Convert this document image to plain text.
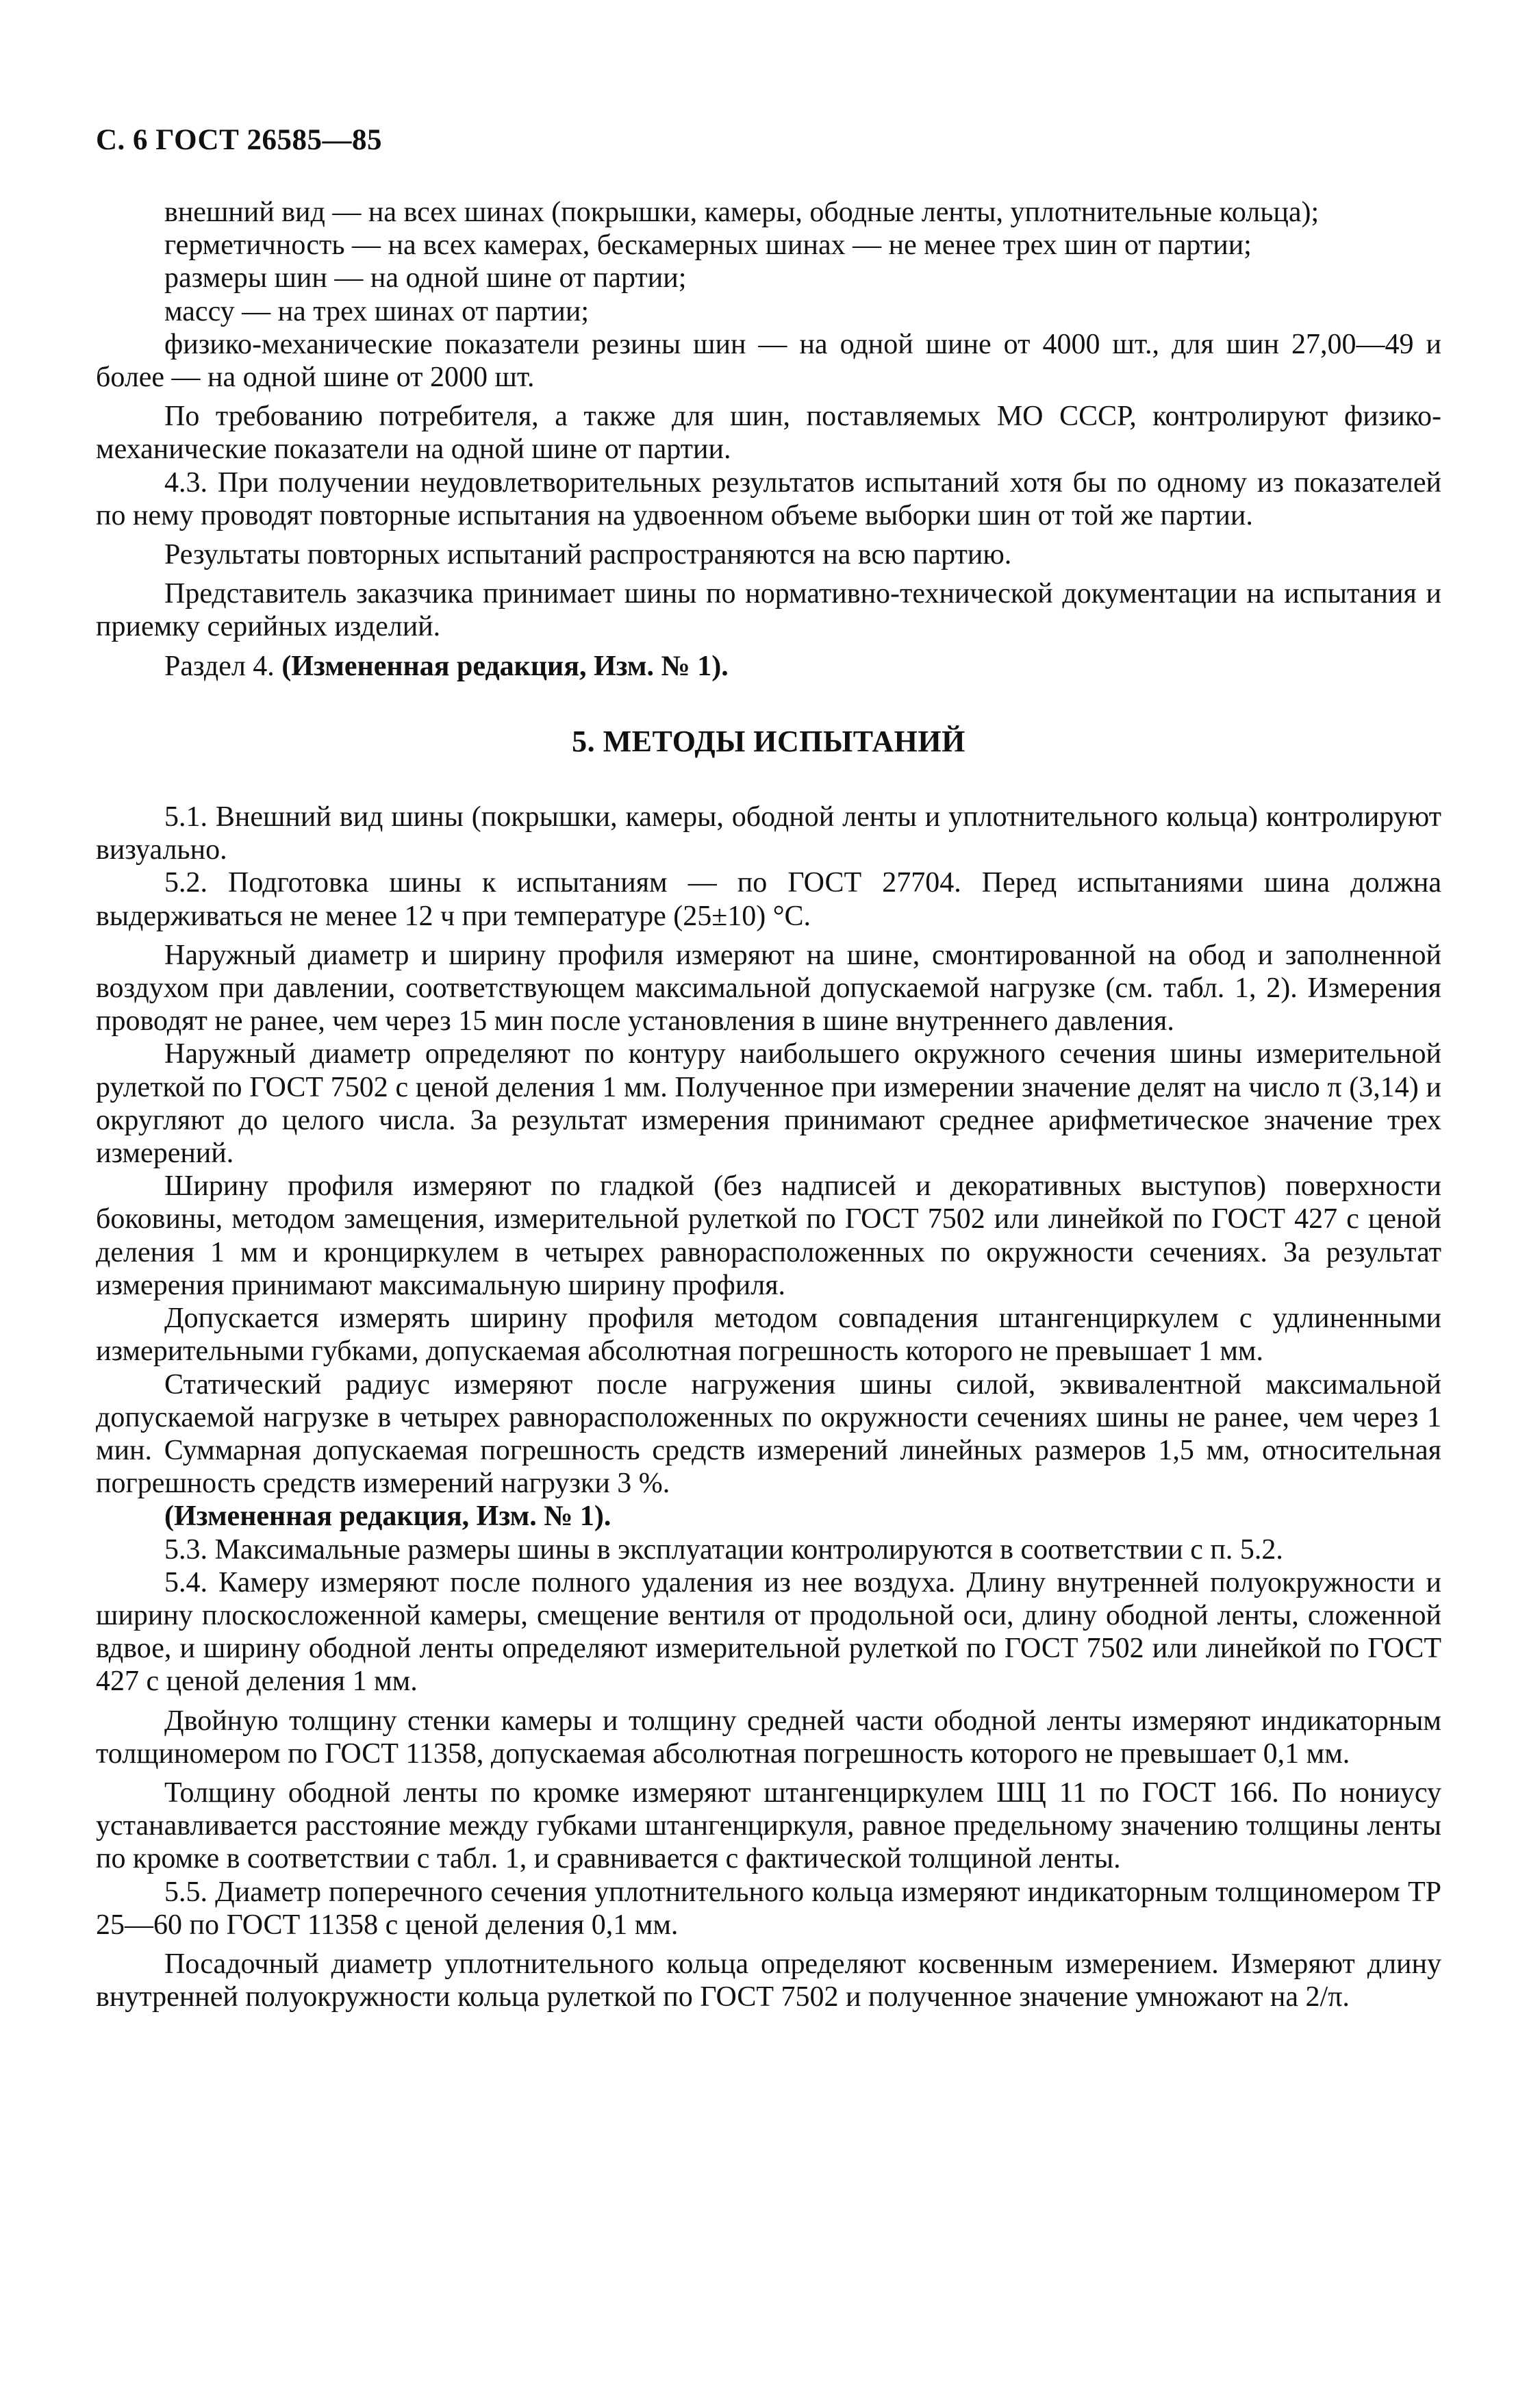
С. 6 ГОСТ 26585—85

внешний вид — на всех шинах (покрышки, камеры, ободные ленты, уплотнительные кольца);

герметичность — на всех камерах, бескамерных шинах — не менее трех шин от партии;

размеры шин — на одной шине от партии;

массу — на трех шинах от партии;

физико-механические показатели резины шин — на одной шине от 4000 шт., для шин 27,00—49 и более — на одной шине от 2000 шт.

По требованию потребителя, а также для шин, поставляемых МО СССР, контролируют физико-механические показатели на одной шине от партии.

4.3. При получении неудовлетворительных результатов испытаний хотя бы по одному из показателей по нему проводят повторные испытания на удвоенном объеме выборки шин от той же партии.

Результаты повторных испытаний распространяются на всю партию.

Представитель заказчика принимает шины по нормативно-технической документации на испытания и приемку серийных изделий.

Раздел 4. (Измененная редакция, Изм. № 1).

5. МЕТОДЫ ИСПЫТАНИЙ

5.1. Внешний вид шины (покрышки, камеры, ободной ленты и уплотнительного кольца) контролируют визуально.

5.2. Подготовка шины к испытаниям — по ГОСТ 27704. Перед испытаниями шина должна выдерживаться не менее 12 ч при температуре (25±10) °С.

Наружный диаметр и ширину профиля измеряют на шине, смонтированной на обод и заполненной воздухом при давлении, соответствующем максимальной допускаемой нагрузке (см. табл. 1, 2). Измерения проводят не ранее, чем через 15 мин после установления в шине внутреннего давления.

Наружный диаметр определяют по контуру наибольшего окружного сечения шины измерительной рулеткой по ГОСТ 7502 с ценой деления 1 мм. Полученное при измерении значение делят на число π (3,14) и округляют до целого числа. За результат измерения принимают среднее арифметическое значение трех измерений.

Ширину профиля измеряют по гладкой (без надписей и декоративных выступов) поверхности боковины, методом замещения, измерительной рулеткой по ГОСТ 7502 или линейкой по ГОСТ 427 с ценой деления 1 мм и кронциркулем в четырех равнорасположенных по окружности сечениях. За результат измерения принимают максимальную ширину профиля.

Допускается измерять ширину профиля методом совпадения штангенциркулем с удлиненными измерительными губками, допускаемая абсолютная погрешность которого не превышает 1 мм.

Статический радиус измеряют после нагружения шины силой, эквивалентной максимальной допускаемой нагрузке в четырех равнорасположенных по окружности сечениях шины не ранее, чем через 1 мин. Суммарная допускаемая погрешность средств измерений линейных размеров 1,5 мм, относительная погрешность средств измерений нагрузки 3 %.

(Измененная редакция, Изм. № 1).

5.3. Максимальные размеры шины в эксплуатации контролируются в соответствии с п. 5.2.

5.4. Камеру измеряют после полного удаления из нее воздуха. Длину внутренней полуокружности и ширину плоскосложенной камеры, смещение вентиля от продольной оси, длину ободной ленты, сложенной вдвое, и ширину ободной ленты определяют измерительной рулеткой по ГОСТ 7502 или линейкой по ГОСТ 427 с ценой деления 1 мм.

Двойную толщину стенки камеры и толщину средней части ободной ленты измеряют индикаторным толщиномером по ГОСТ 11358, допускаемая абсолютная погрешность которого не превышает 0,1 мм.

Толщину ободной ленты по кромке измеряют штангенциркулем ШЦ 11 по ГОСТ 166. По нониусу устанавливается расстояние между губками штангенциркуля, равное предельному значению толщины ленты по кромке в соответствии с табл. 1, и сравнивается с фактической толщиной ленты.

5.5. Диаметр поперечного сечения уплотнительного кольца измеряют индикаторным толщиномером ТР 25—60 по ГОСТ 11358 с ценой деления 0,1 мм.

Посадочный диаметр уплотнительного кольца определяют косвенным измерением. Измеряют длину внутренней полуокружности кольца рулеткой по ГОСТ 7502 и полученное значение умножают на 2/π.
